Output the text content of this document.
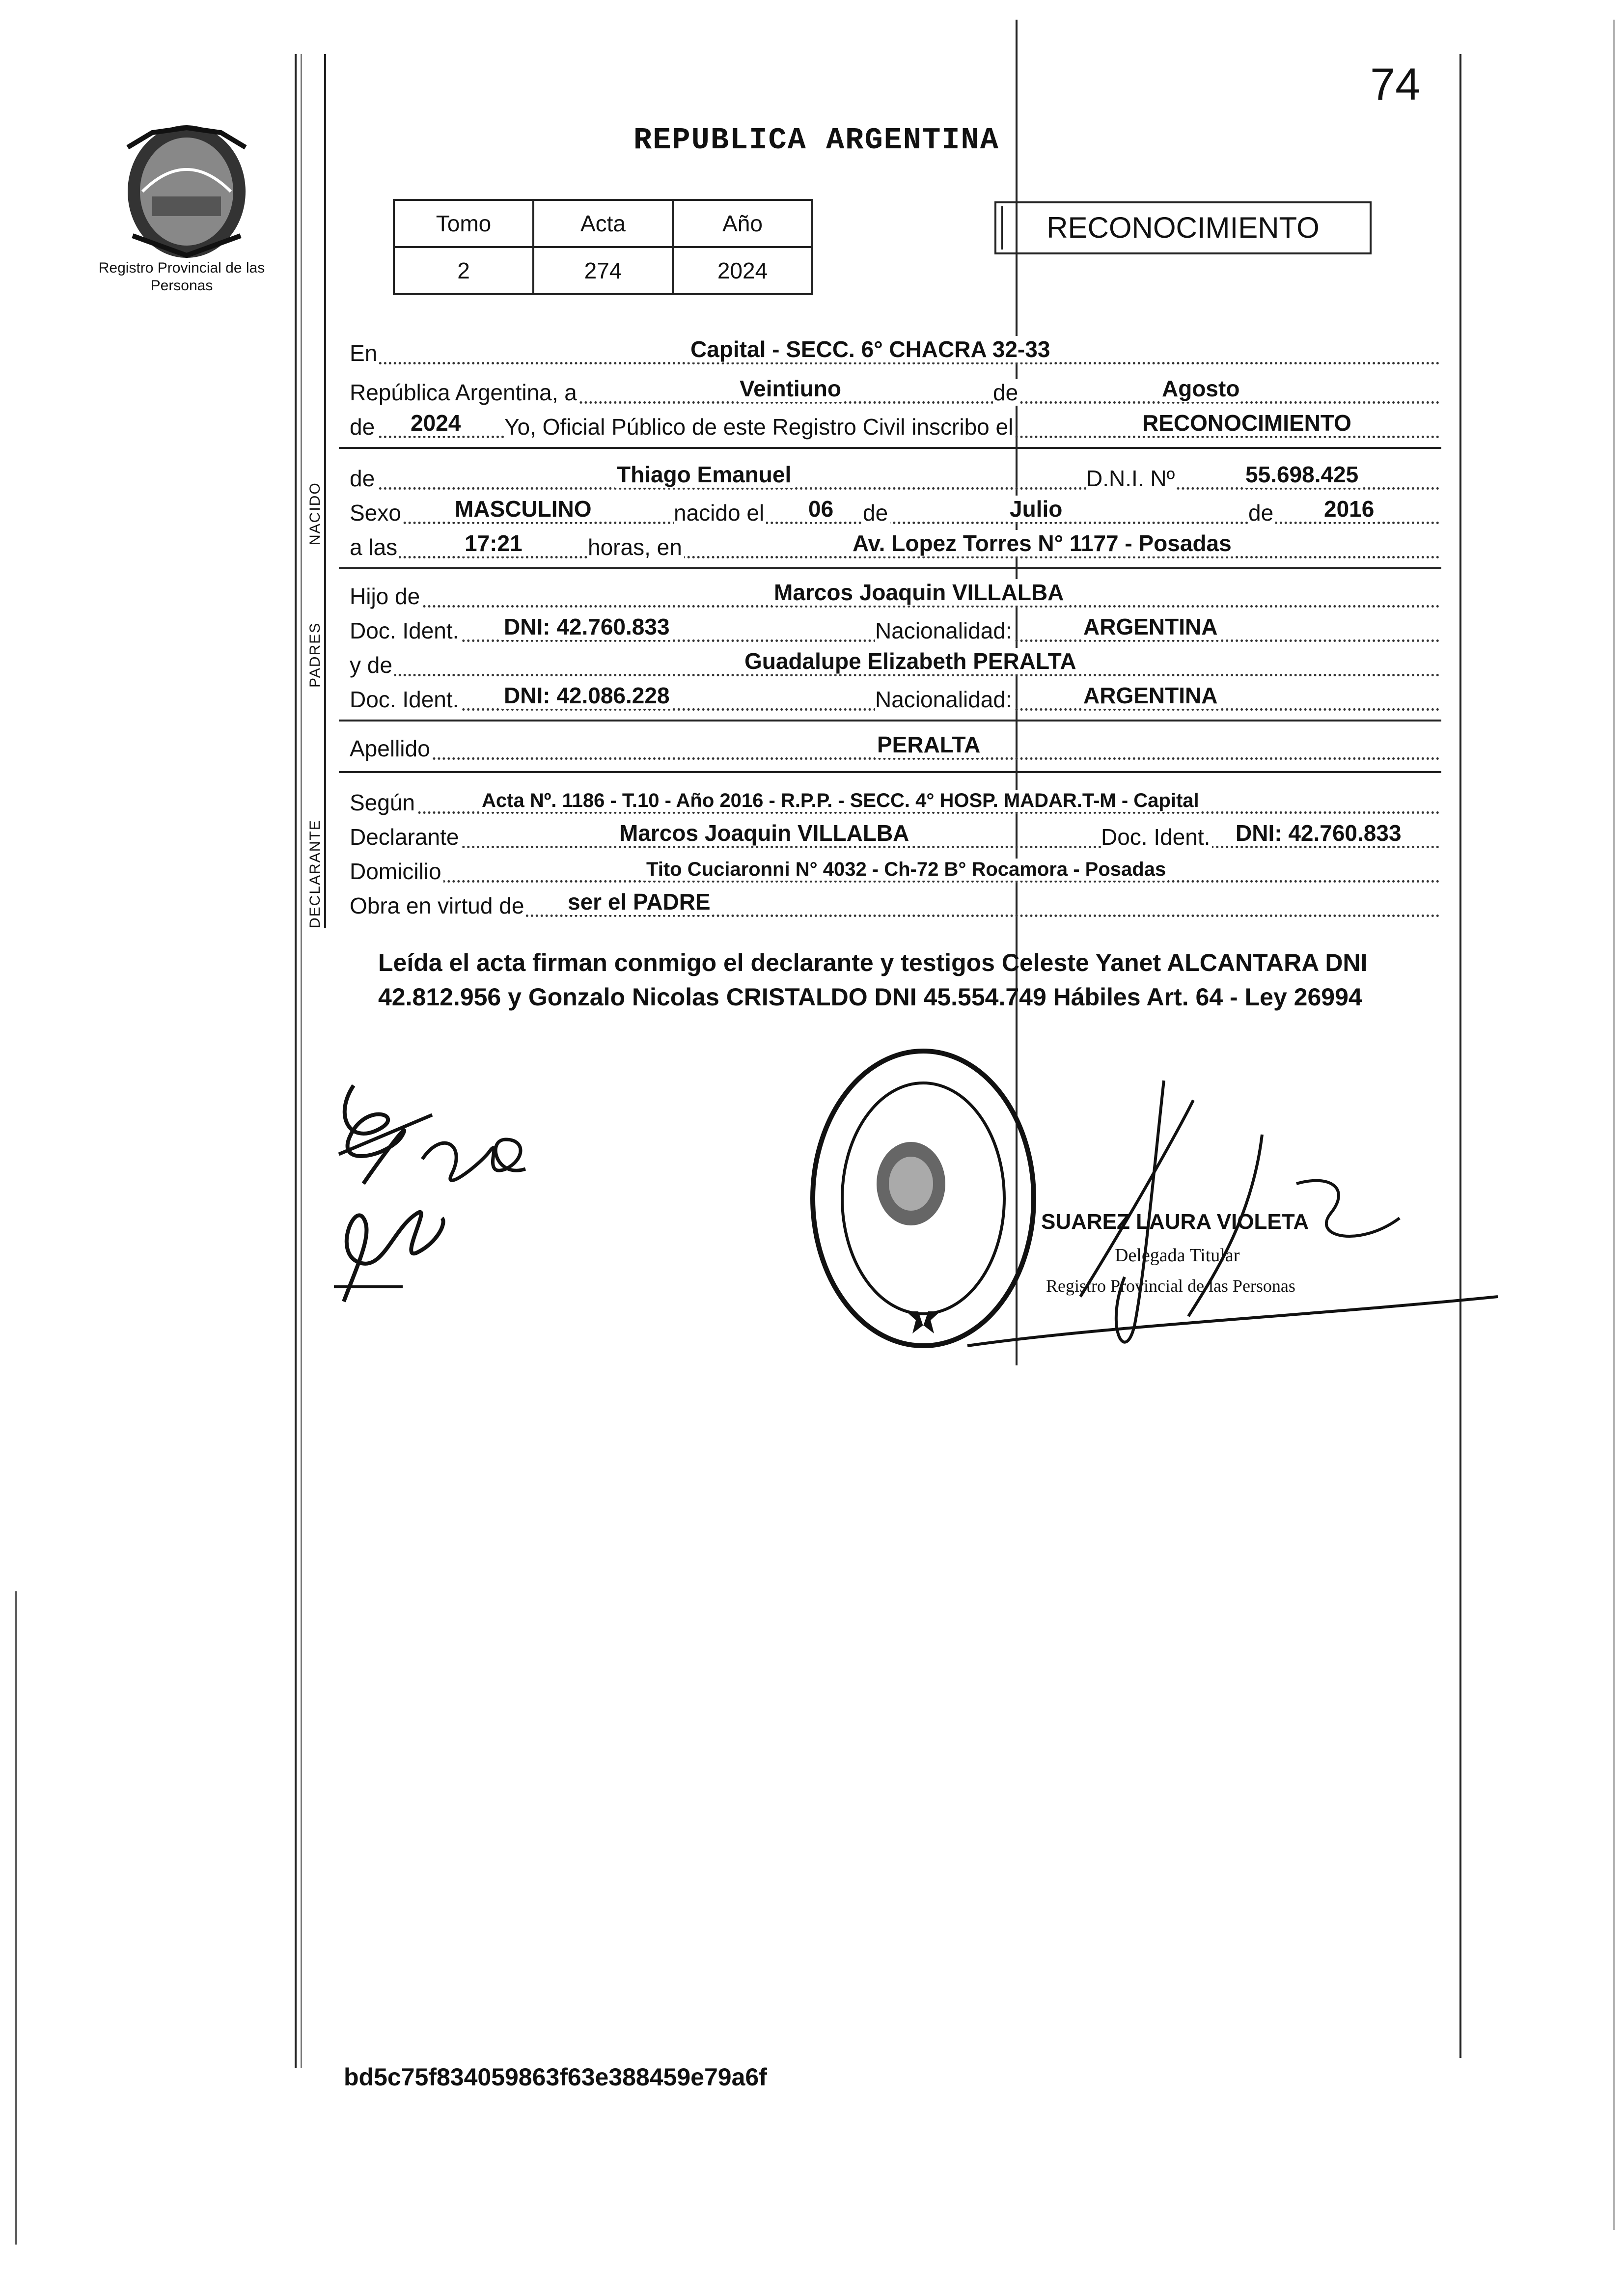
74
Registro Provincial de las Personas
REPUBLICA ARGENTINA
Tomo	Acta	Año
2	274	2024
RECONOCIMIENTO
NACIDO
PADRES
DECLARANTE
En	Capital - SECC. 6° CHACRA 32-33
República Argentina, a	Veintiuno	de	Agosto
de 2024 Yo, Oficial Público de este Registro Civil inscribo el	RECONOCIMIENTO
de	Thiago Emanuel	D.N.I. Nº	55.698.425
Sexo MASCULINO	nacido el 06 de	Julio	de 2016
a las	17:21	horas, en	Av. Lopez Torres N° 1177 - Posadas
Hijo de	Marcos Joaquin VILLALBA
Doc. Ident. DNI: 42.760.833	Nacionalidad:	ARGENTINA
y de	Guadalupe Elizabeth PERALTA
Doc. Ident. DNI: 42.086.228	Nacionalidad:	ARGENTINA
Apellido	PERALTA
Según	Acta Nº. 1186 - T.10 - Año 2016 - R.P.P. - SECC. 4° HOSP. MADAR.T-M - Capital
Declarante	Marcos Joaquin VILLALBA	Doc. Ident. DNI: 42.760.833
Domicilio	Tito Cuciaronni N° 4032 - Ch-72 B° Rocamora - Posadas
Obra en virtud de ser el PADRE
Leída el acta firman conmigo el declarante y testigos Celeste Yanet ALCANTARA DNI 42.812.956 y Gonzalo Nicolas CRISTALDO DNI 45.554.749 Hábiles Art. 64 - Ley 26994
SUAREZ LAURA VIOLETA
Delegada Titular
Registro Provincial de las Personas
bd5c75f834059863f63e388459e79a6f
